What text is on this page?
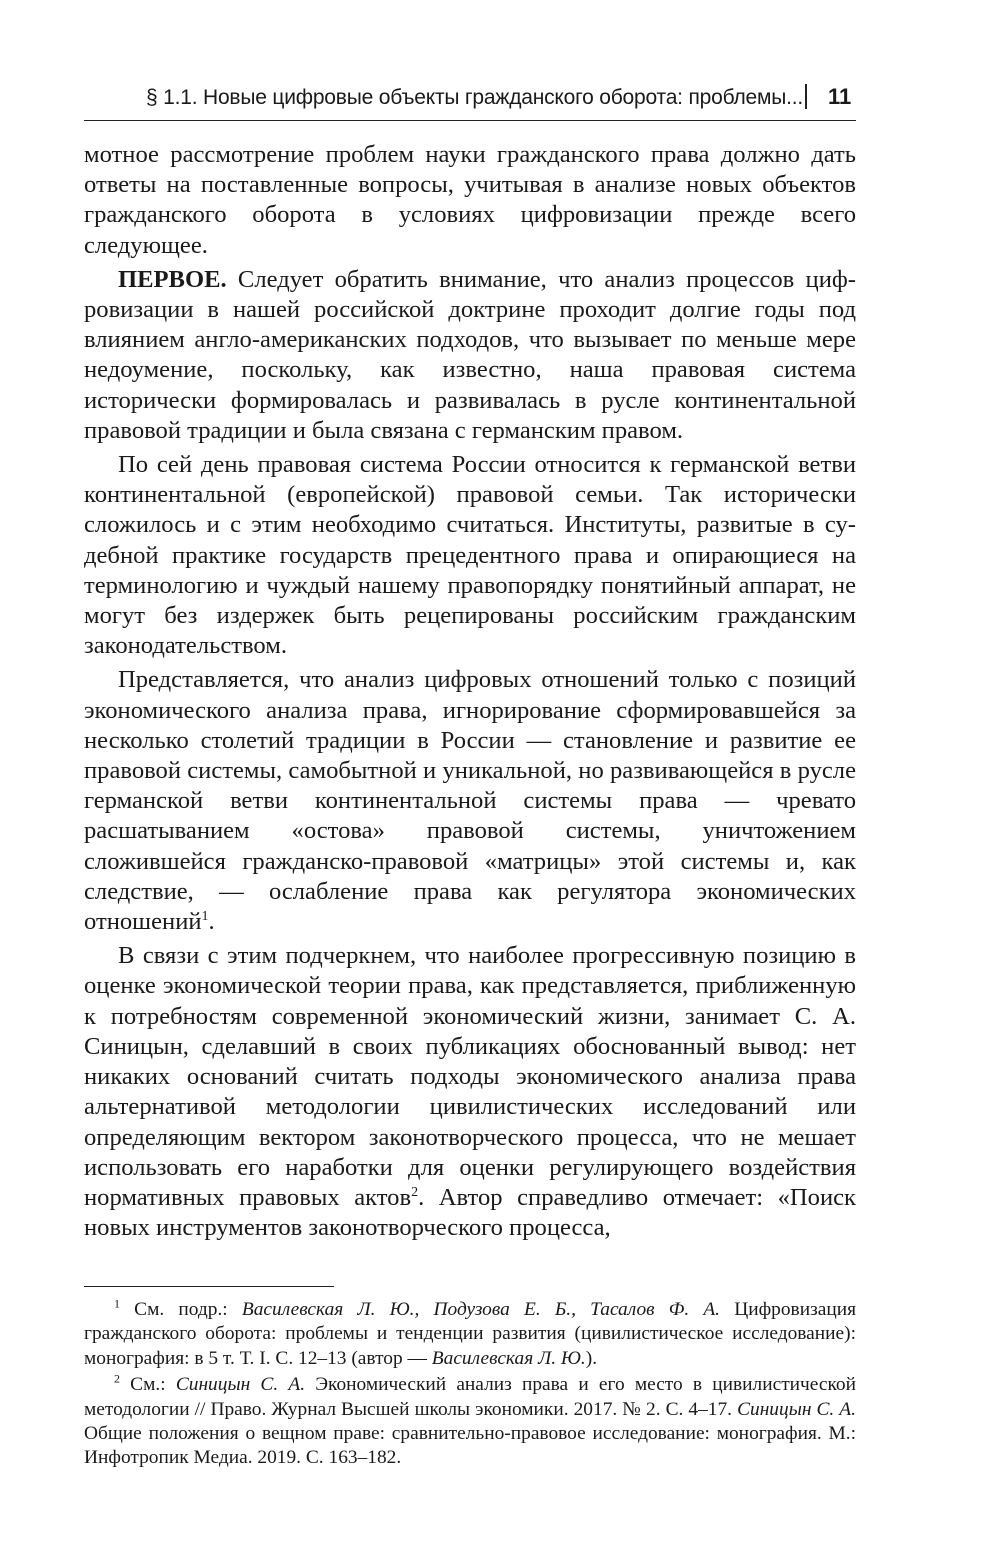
§ 1.1. Новые цифровые объекты гражданского оборота: проблемы... 11

мотное рассмотрение проблем науки гражданского права должно дать ответы на поставленные вопросы, учитывая в анализе новых объектов гражданского оборота в условиях цифровизации прежде всего следующее.

ПЕРВОЕ. Следует обратить внимание, что анализ процессов цифровизации в нашей российской доктрине проходит долгие годы под влиянием англо-американских подходов, что вызывает по меньше мере недоумение, поскольку, как известно, наша правовая система исторически формировалась и развивалась в русле континентальной правовой традиции и была связана с германским правом.

По сей день правовая система России относится к германской ветви континентальной (европейской) правовой семьи. Так исторически сложилось и с этим необходимо считаться. Институты, развитые в судебной практике государств прецедентного права и опирающиеся на терминологию и чуждый нашему правопорядку понятийный аппарат, не могут без издержек быть рецепированы российским гражданским законодательством.

Представляется, что анализ цифровых отношений только с позиций экономического анализа права, игнорирование сформировавшейся за несколько столетий традиции в России — становление и развитие ее правовой системы, самобытной и уникальной, но развивающейся в русле германской ветви континентальной системы права — чревато расшатыванием «остова» правовой системы, уничтожением сложившейся гражданско-правовой «матрицы» этой системы и, как следствие, — ослабление права как регулятора экономических отношений$^1$.

В связи с этим подчеркнем, что наиболее прогрессивную позицию в оценке экономической теории права, как представляется, приближенную к потребностям современной экономический жизни, занимает С. А. Синицын, сделавший в своих публикациях обоснованный вывод: нет никаких оснований считать подходы экономического анализа права альтернативой методологии цивилистических исследований или определяющим вектором законотворческого процесса, что не мешает использовать его наработки для оценки регулирующего воздействия нормативных правовых актов$^2$. Автор справедливо отмечает: «Поиск новых инструментов законотворческого процесса,

$^1$ См. подр.: Василевская Л. Ю., Подузова Е. Б., Тасалов Ф. А. Цифровизация гражданского оборота: проблемы и тенденции развития (цивилистическое исследование): монография: в 5 т. Т. I. С. 12–13 (автор — Василевская Л. Ю.).

$^2$ См.: Синицын С. А. Экономический анализ права и его место в цивилистической методологии // Право. Журнал Высшей школы экономики. 2017. № 2. С. 4–17. Синицын С. А. Общие положения о вещном праве: сравнительно-правовое исследование: монография. М.: Инфотропик Медиа. 2019. С. 163–182.
